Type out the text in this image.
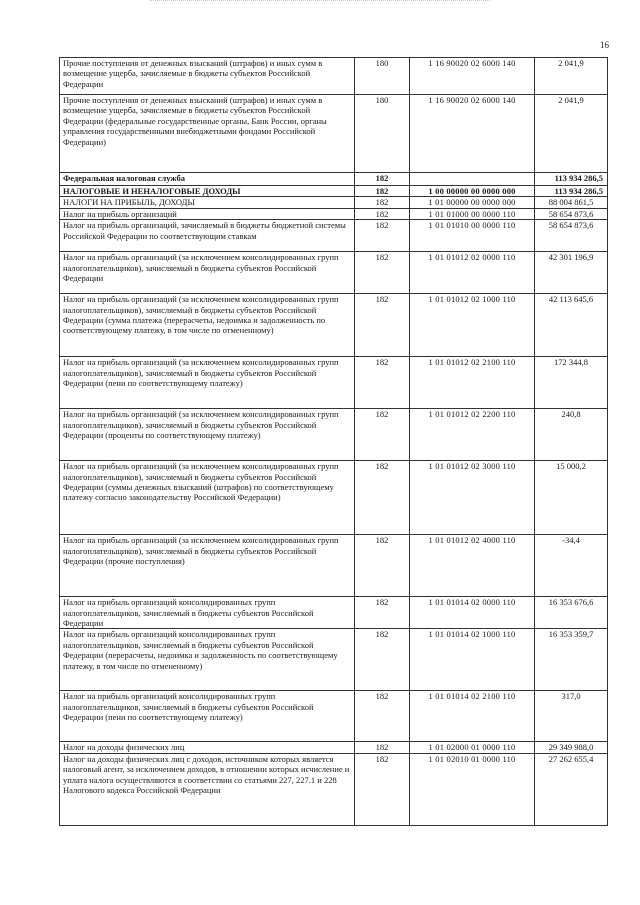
16
Прочие поступления от денежных взысканий (штрафов) и иных сумм в возмещение ущерба, зачисляемые в бюджеты субъектов Российской Федерации	180	1 16 90020 02 6000 140	2 041,9
Прочие поступления от денежных взысканий (штрафов) и иных сумм в возмещение ущерба, зачисляемые в бюджеты субъектов Российской Федерации (федеральные государственные органы, Банк России, органы управления государственными внебюджетными фондами Российской Федерации)	180	1 16 90020 02 6000 140	2 041,9
Федеральная налоговая служба	182		113 934 286,5
НАЛОГОВЫЕ И НЕНАЛОГОВЫЕ ДОХОДЫ	182	1 00 00000 00 0000 000	113 934 286,5
НАЛОГИ НА ПРИБЫЛЬ, ДОХОДЫ	182	1 01 00000 00 0000 000	88 004 861,5
Налог на прибыль организаций	182	1 01 01000 00 0000 110	58 654 873,6
Налог на прибыль организаций, зачисляемый в бюджеты бюджетной системы Российской Федерации по соответствующим ставкам	182	1 01 01010 00 0000 110	58 654 873,6
Налог на прибыль организаций (за исключением консолидированных групп налогоплательщиков), зачисляемый в бюджеты субъектов Российской Федерации	182	1 01 01012 02 0000 110	42 301 196,9
Налог на прибыль организаций (за исключением консолидированных групп налогоплательщиков), зачисляемый в бюджеты субъектов Российской Федерации (сумма платежа (перерасчеты, недоимка и задолженность по соответствующему платежу, в том числе по отмененному)	182	1 01 01012 02 1000 110	42 113 645,6
Налог на прибыль организаций (за исключением консолидированных групп налогоплательщиков), зачисляемый в бюджеты субъектов Российской Федерации (пени по соответствующему платежу)	182	1 01 01012 02 2100 110	172 344,8
Налог на прибыль организаций (за исключением консолидированных групп налогоплательщиков), зачисляемый в бюджеты субъектов Российской Федерации (проценты по соответствующему платежу)	182	1 01 01012 02 2200 110	240,8
Налог на прибыль организаций (за исключением консолидированных групп налогоплательщиков), зачисляемый в бюджеты субъектов Российской Федерации (суммы денежных взысканий (штрафов) по соответствующему платежу согласно законодательству Российской Федерации)	182	1 01 01012 02 3000 110	15 000,2
Налог на прибыль организаций (за исключением консолидированных групп налогоплательщиков), зачисляемый в бюджеты субъектов Российской Федерации (прочие поступления)	182	1 01 01012 02 4000 110	-34,4
Налог на прибыль организаций консолидированных групп налогоплательщиков, зачисляемый в бюджеты субъектов Российской Федерации	182	1 01 01014 02 0000 110	16 353 676,6
Налог на прибыль организаций консолидированных групп налогоплательщиков, зачисляемый в бюджеты субъектов Российской Федерации (перерасчеты, недоимка и задолженность по соответствующему платежу, в том числе по отмененному)	182	1 01 01014 02 1000 110	16 353 359,7
Налог на прибыль организаций консолидированных групп налогоплательщиков, зачисляемый в бюджеты субъектов Российской Федерации (пени по соответствующему платежу)	182	1 01 01014 02 2100 110	317,0
Налог на доходы физических лиц	182	1 01 02000 01 0000 110	29 349 988,0
Налог на доходы физических лиц с доходов, источником которых является налоговый агент, за исключением доходов, в отношении которых исчисление и уплата налога осуществляются в соответствии со статьями 227, 227.1 и 228 Налогового кодекса Российской Федерации	182	1 01 02010 01 0000 110	27 262 655,4
